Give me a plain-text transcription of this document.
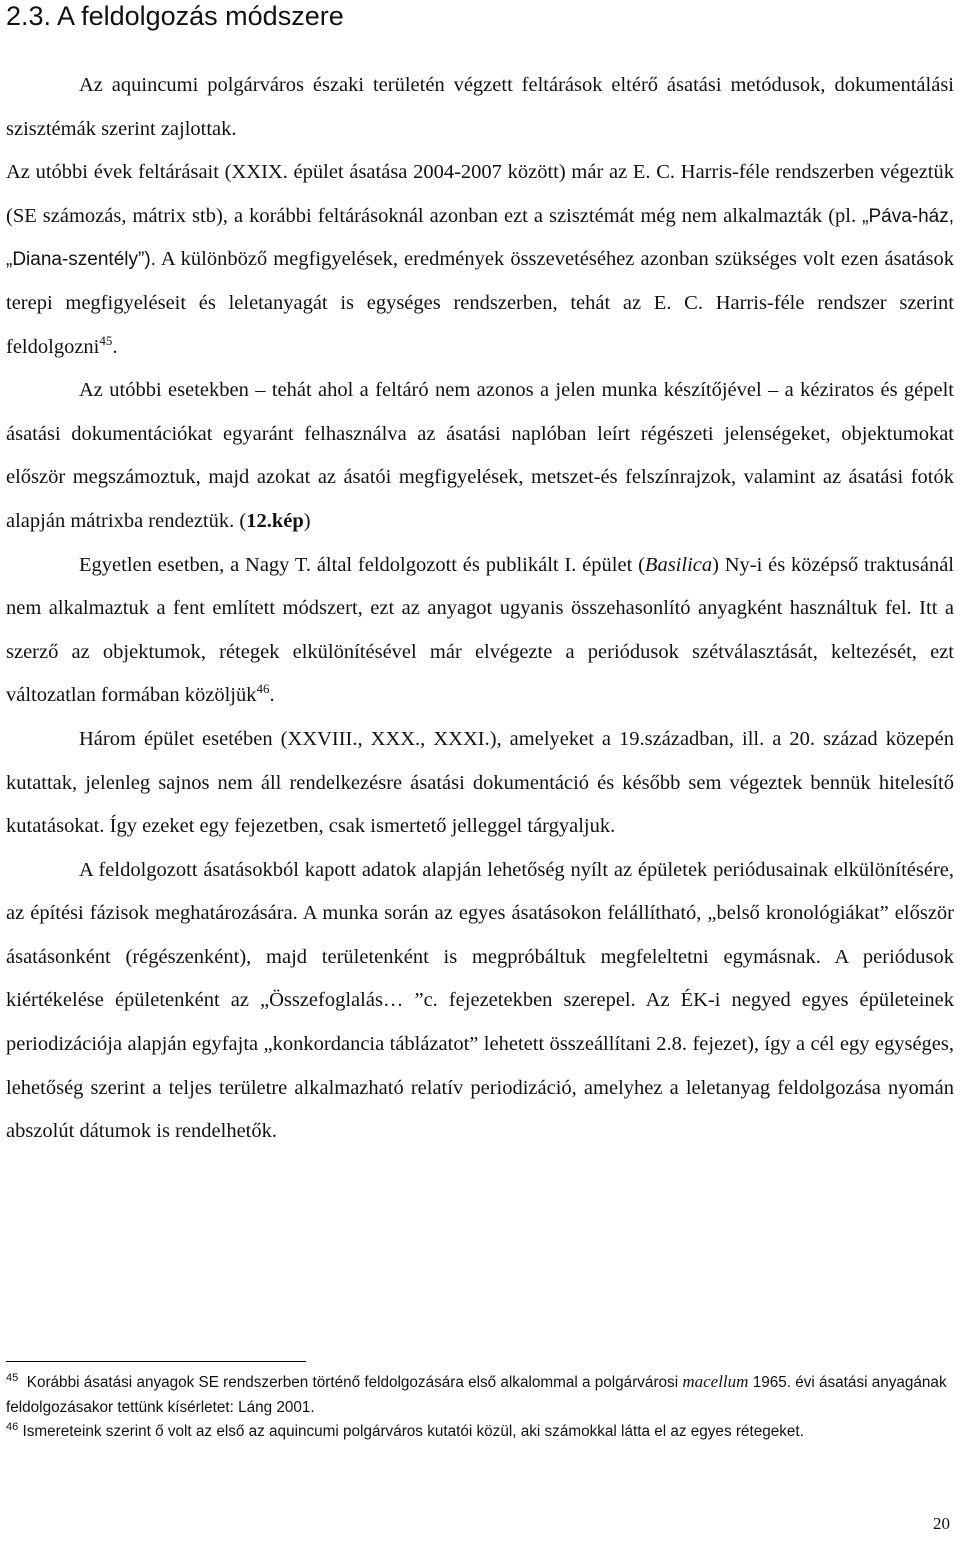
2.3. A feldolgozás módszere

Az aquincumi polgárváros északi területén végzett feltárások eltérő ásatási metódusok, dokumentálási szisztémák szerint zajlottak.

Az utóbbi évek feltárásait (XXIX. épület ásatása 2004-2007 között) már az E. C. Harris-féle rendszerben végeztük (SE számozás, mátrix stb), a korábbi feltárásoknál azonban ezt a szisztémát még nem alkalmazták (pl. „Páva-ház, „Diana-szentély”). A különböző megfigyelések, eredmények összevetéséhez azonban szükséges volt ezen ásatások terepi megfigyeléseit és leletanyagát is egységes rendszerben, tehát az E. C. Harris-féle rendszer szerint feldolgozni$^{45}$.

Az utóbbi esetekben – tehát ahol a feltáró nem azonos a jelen munka készítőjével – a kéziratos és gépelt ásatási dokumentációkat egyaránt felhasználva az ásatási naplóban leírt régészeti jelenségeket, objektumokat először megszámoztuk, majd azokat az ásatói megfigyelések, metszet-és felszínrajzok, valamint az ásatási fotók alapján mátrixba rendeztük. (12.kép)

Egyetlen esetben, a Nagy T. által feldolgozott és publikált I. épület (Basilica) Ny-i és középső traktusánál nem alkalmaztuk a fent említett módszert, ezt az anyagot ugyanis összehasonlító anyagként használtuk fel. Itt a szerző az objektumok, rétegek elkülönítésével már elvégezte a periódusok szétválasztását, keltezését, ezt változatlan formában közöljük$^{46}$.

Három épület esetében (XXVIII., XXX., XXXI.), amelyeket a 19.században, ill. a 20. század közepén kutattak, jelenleg sajnos nem áll rendelkezésre ásatási dokumentáció és később sem végeztek bennük hitelesítő kutatásokat. Így ezeket egy fejezetben, csak ismertető jelleggel tárgyaljuk.

A feldolgozott ásatásokból kapott adatok alapján lehetőség nyílt az épületek periódusainak elkülönítésére, az építési fázisok meghatározására. A munka során az egyes ásatásokon felállítható, „belső kronológiákat” először ásatásonként (régészenként), majd területenként is megpróbáltuk megfeleltetni egymásnak. A periódusok kiértékelése épületenként az „Összefoglalás… ”c. fejezetekben szerepel. Az ÉK-i negyed egyes épületeinek periodizációja alapján egyfajta „konkordancia táblázatot” lehetett összeállítani 2.8. fejezet), így a cél egy egységes, lehetőség szerint a teljes területre alkalmazható relatív periodizáció, amelyhez a leletanyag feldolgozása nyomán abszolút dátumok is rendelhetők.

$^{45}$ Korábbi ásatási anyagok SE rendszerben történő feldolgozására első alkalommal a polgárvárosi macellum 1965. évi ásatási anyagának feldolgozásakor tettünk kísérletet: Láng 2001.

$^{46}$ Ismereteink szerint ő volt az első az aquincumi polgárváros kutatói közül, aki számokkal látta el az egyes rétegeket.

20
